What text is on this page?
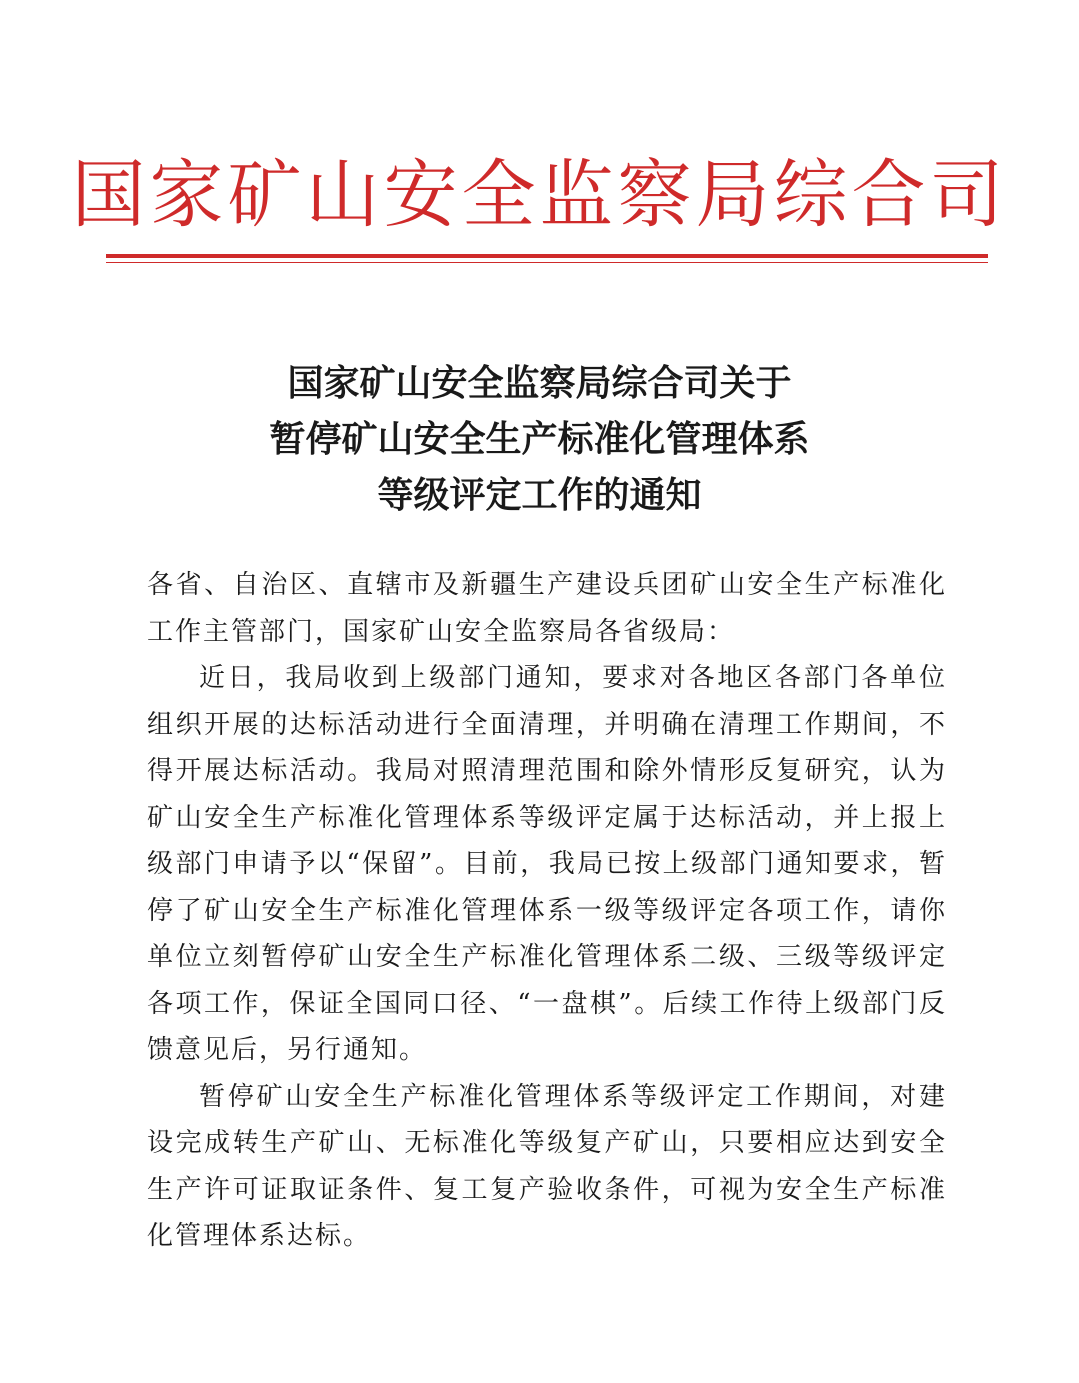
国家矿山安全监察局综合司
国家矿山安全监察局综合司关于
暂停矿山安全生产标准化管理体系
等级评定工作的通知

各省、自治区、直辖市及新疆生产建设兵团矿山安全生产标准化工作主管部门，国家矿山安全监察局各省级局：

近日，我局收到上级部门通知，要求对各地区各部门各单位组织开展的达标活动进行全面清理，并明确在清理工作期间，不得开展达标活动。我局对照清理范围和除外情形反复研究，认为矿山安全生产标准化管理体系等级评定属于达标活动，并上报上级部门申请予以“保留”。目前，我局已按上级部门通知要求，暂停了矿山安全生产标准化管理体系一级等级评定各项工作，请你单位立刻暂停矿山安全生产标准化管理体系二级、三级等级评定各项工作，保证全国同口径、“一盘棋”。后续工作待上级部门反馈意见后，另行通知。

暂停矿山安全生产标准化管理体系等级评定工作期间，对建设完成转生产矿山、无标准化等级复产矿山，只要相应达到安全生产许可证取证条件、复工复产验收条件，可视为安全生产标准化管理体系达标。
